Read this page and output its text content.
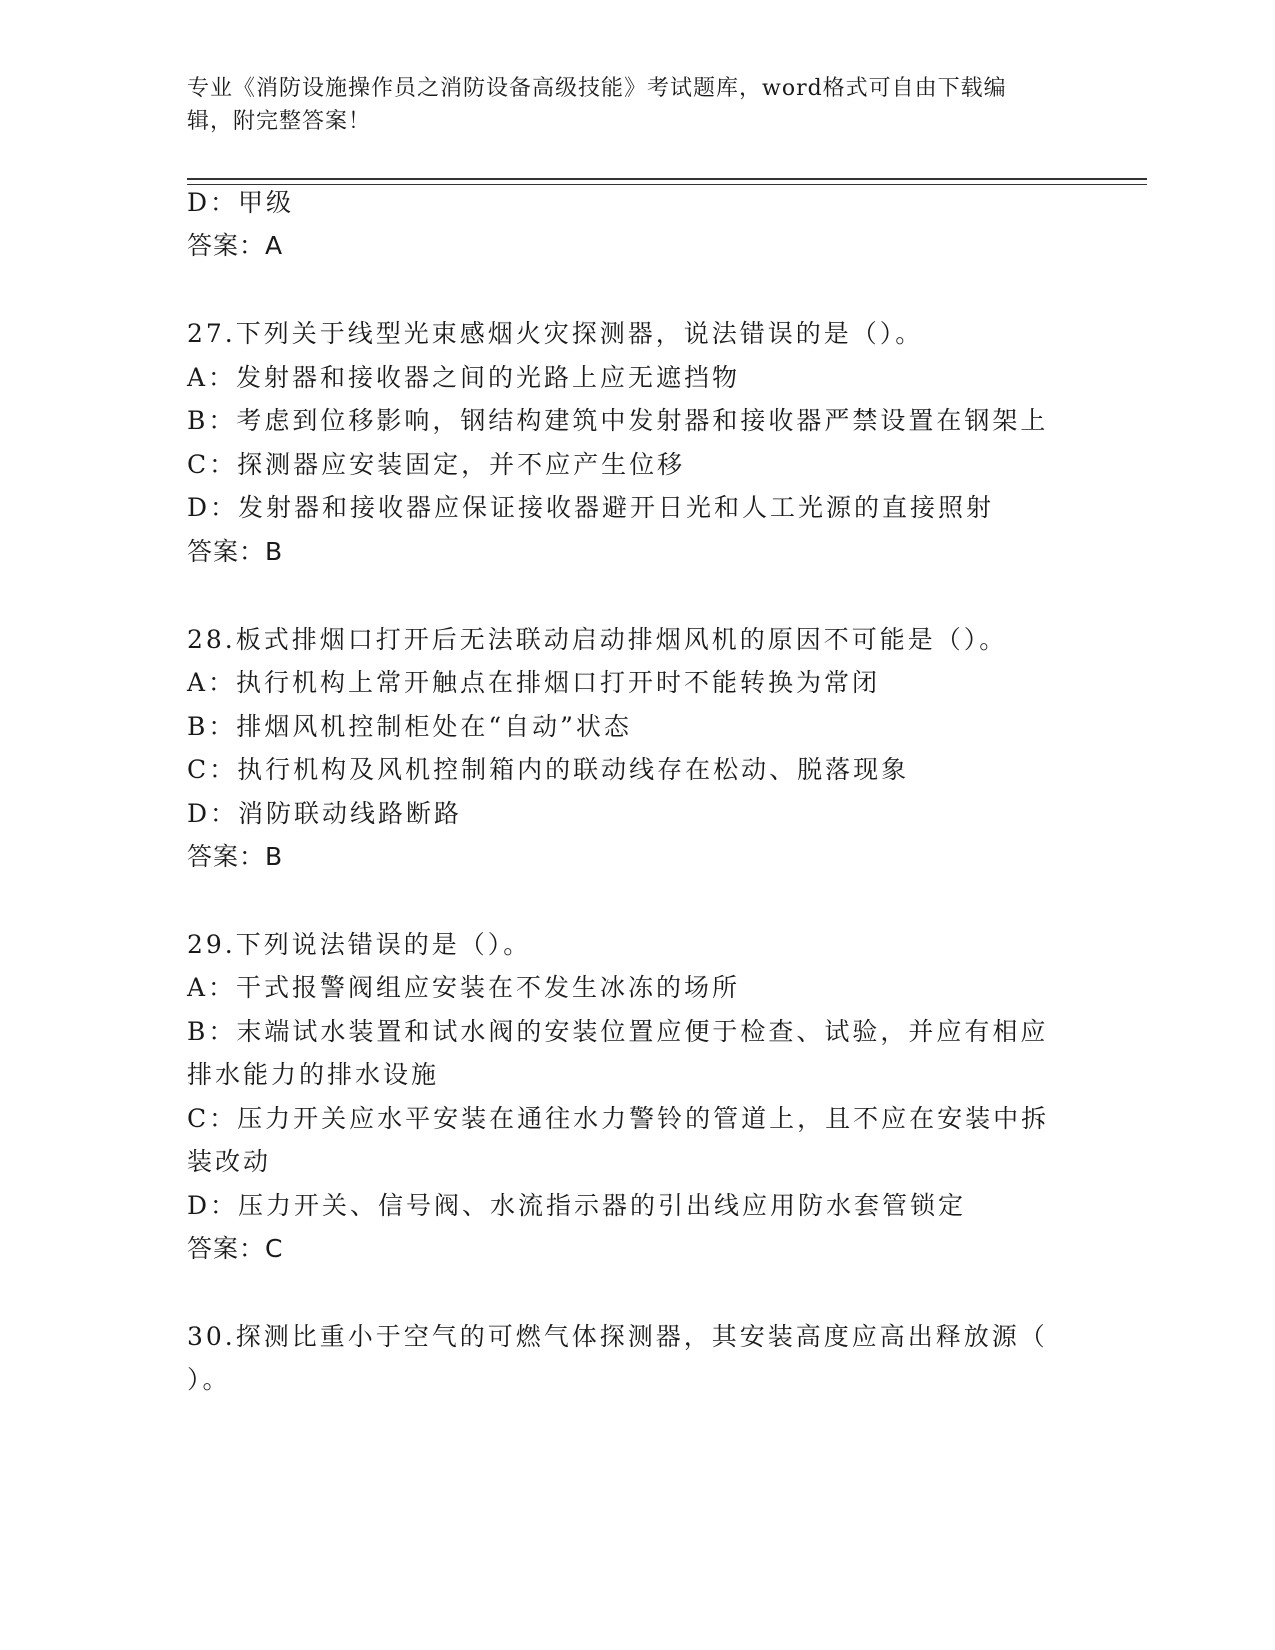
专业《消防设施操作员之消防设备高级技能》考试题库，word格式可自由下载编
辑，附完整答案！
D：甲级
答案：A
27.下列关于线型光束感烟火灾探测器，说法错误的是（）。
A：发射器和接收器之间的光路上应无遮挡物
B：考虑到位移影响，钢结构建筑中发射器和接收器严禁设置在钢架上
C：探测器应安装固定，并不应产生位移
D：发射器和接收器应保证接收器避开日光和人工光源的直接照射
答案：B
28.板式排烟口打开后无法联动启动排烟风机的原因不可能是（）。
A：执行机构上常开触点在排烟口打开时不能转换为常闭
B：排烟风机控制柜处在“自动”状态
C：执行机构及风机控制箱内的联动线存在松动、脱落现象
D：消防联动线路断路
答案：B
29.下列说法错误的是（）。
A：干式报警阀组应安装在不发生冰冻的场所
B：末端试水装置和试水阀的安装位置应便于检查、试验，并应有相应
排水能力的排水设施
C：压力开关应水平安装在通往水力警铃的管道上，且不应在安装中拆
装改动
D：压力开关、信号阀、水流指示器的引出线应用防水套管锁定
答案：C
30.探测比重小于空气的可燃气体探测器，其安装高度应高出释放源（
）。
